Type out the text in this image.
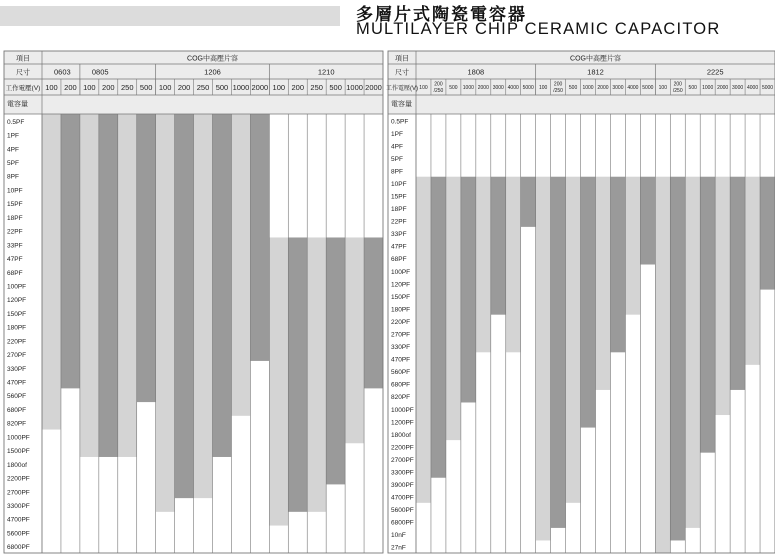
多層片式陶瓷電容器
MULTILAYER CHIP CERAMIC CAPACITOR
項目
尺寸
工作電壓(V)
電容量
COG中高壓片容
0603
100 200
0805
100 200 250 500
1206
100 200 250 500 1000 2000
1210
100 200 250 500 1000 2000
0.5PF
1PF
4PF
5PF
8PF
10PF
15PF
18PF
22PF
33PF
47PF
68PF
100PF
120PF
150PF
180PF
220PF
270PF
330PF
470PF
560PF
680PF
820PF
1000PF
1500PF
1800of
2200PF
2700PF
3300PF
4700PF
5600PF
6800PF
項目
尺寸
工作電壓(V)
電容量
COG中高壓片容
1808
100
200
/250 500 1000 2000 3000 4000 5000
1812
100
200
/250 500 1000 2000 3000 4000 5000
2225
100
200
/250 500 1000 2000 3000 4000 5000
0.5PF
1PF
4PF
5PF
8PF
10PF
15PF
18PF
22PF
33PF
47PF
68PF
100PF
120PF
150PF
180PF
220PF
270PF
330PF
470PF
560PF
680PF
820PF
1000PF
1200PF
1800of
2200PF
2700PF
3300PF
3900PF
4700PF
5600PF
6800PF
10nF
27nF
